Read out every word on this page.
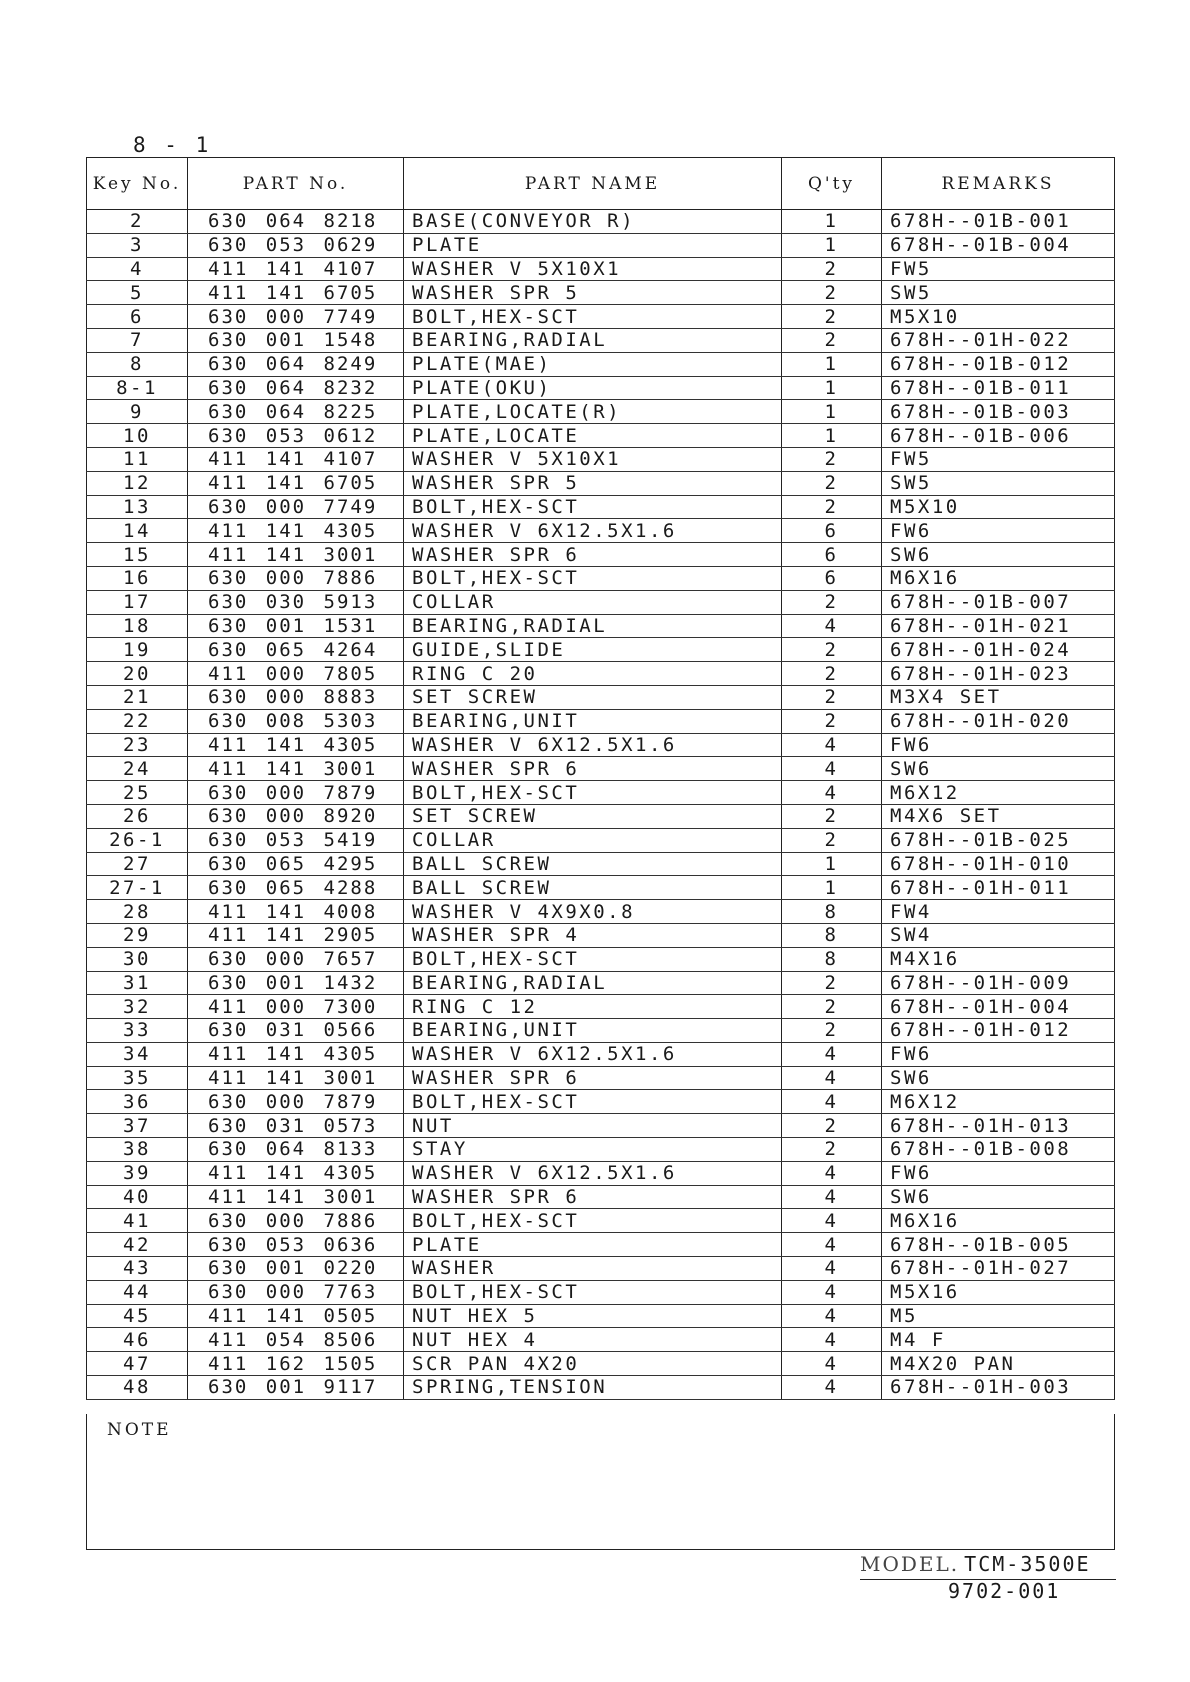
8 - 1
Key No.	PART No.	PART NAME	Q'ty	REMARKS
2	630 064 8218	BASE(CONVEYOR R)	1	678H--01B-001
3	630 053 0629	PLATE	1	678H--01B-004
4	411 141 4107	WASHER V 5X10X1	2	FW5
5	411 141 6705	WASHER SPR 5	2	SW5
6	630 000 7749	BOLT,HEX-SCT	2	M5X10
7	630 001 1548	BEARING,RADIAL	2	678H--01H-022
8	630 064 8249	PLATE(MAE)	1	678H--01B-012
8-1	630 064 8232	PLATE(OKU)	1	678H--01B-011
9	630 064 8225	PLATE,LOCATE(R)	1	678H--01B-003
10	630 053 0612	PLATE,LOCATE	1	678H--01B-006
11	411 141 4107	WASHER V 5X10X1	2	FW5
12	411 141 6705	WASHER SPR 5	2	SW5
13	630 000 7749	BOLT,HEX-SCT	2	M5X10
14	411 141 4305	WASHER V 6X12.5X1.6	6	FW6
15	411 141 3001	WASHER SPR 6	6	SW6
16	630 000 7886	BOLT,HEX-SCT	6	M6X16
17	630 030 5913	COLLAR	2	678H--01B-007
18	630 001 1531	BEARING,RADIAL	4	678H--01H-021
19	630 065 4264	GUIDE,SLIDE	2	678H--01H-024
20	411 000 7805	RING C 20	2	678H--01H-023
21	630 000 8883	SET SCREW	2	M3X4 SET
22	630 008 5303	BEARING,UNIT	2	678H--01H-020
23	411 141 4305	WASHER V 6X12.5X1.6	4	FW6
24	411 141 3001	WASHER SPR 6	4	SW6
25	630 000 7879	BOLT,HEX-SCT	4	M6X12
26	630 000 8920	SET SCREW	2	M4X6 SET
26-1	630 053 5419	COLLAR	2	678H--01B-025
27	630 065 4295	BALL SCREW	1	678H--01H-010
27-1	630 065 4288	BALL SCREW	1	678H--01H-011
28	411 141 4008	WASHER V 4X9X0.8	8	FW4
29	411 141 2905	WASHER SPR 4	8	SW4
30	630 000 7657	BOLT,HEX-SCT	8	M4X16
31	630 001 1432	BEARING,RADIAL	2	678H--01H-009
32	411 000 7300	RING C 12	2	678H--01H-004
33	630 031 0566	BEARING,UNIT	2	678H--01H-012
34	411 141 4305	WASHER V 6X12.5X1.6	4	FW6
35	411 141 3001	WASHER SPR 6	4	SW6
36	630 000 7879	BOLT,HEX-SCT	4	M6X12
37	630 031 0573	NUT	2	678H--01H-013
38	630 064 8133	STAY	2	678H--01B-008
39	411 141 4305	WASHER V 6X12.5X1.6	4	FW6
40	411 141 3001	WASHER SPR 6	4	SW6
41	630 000 7886	BOLT,HEX-SCT	4	M6X16
42	630 053 0636	PLATE	4	678H--01B-005
43	630 001 0220	WASHER	4	678H--01H-027
44	630 000 7763	BOLT,HEX-SCT	4	M5X16
45	411 141 0505	NUT HEX 5	4	M5
46	411 054 8506	NUT HEX 4	4	M4 F
47	411 162 1505	SCR PAN 4X20	4	M4X20 PAN
48	630 001 9117	SPRING,TENSION	4	678H--01H-003
NOTE
MODEL. TCM-3500E
9702-001
